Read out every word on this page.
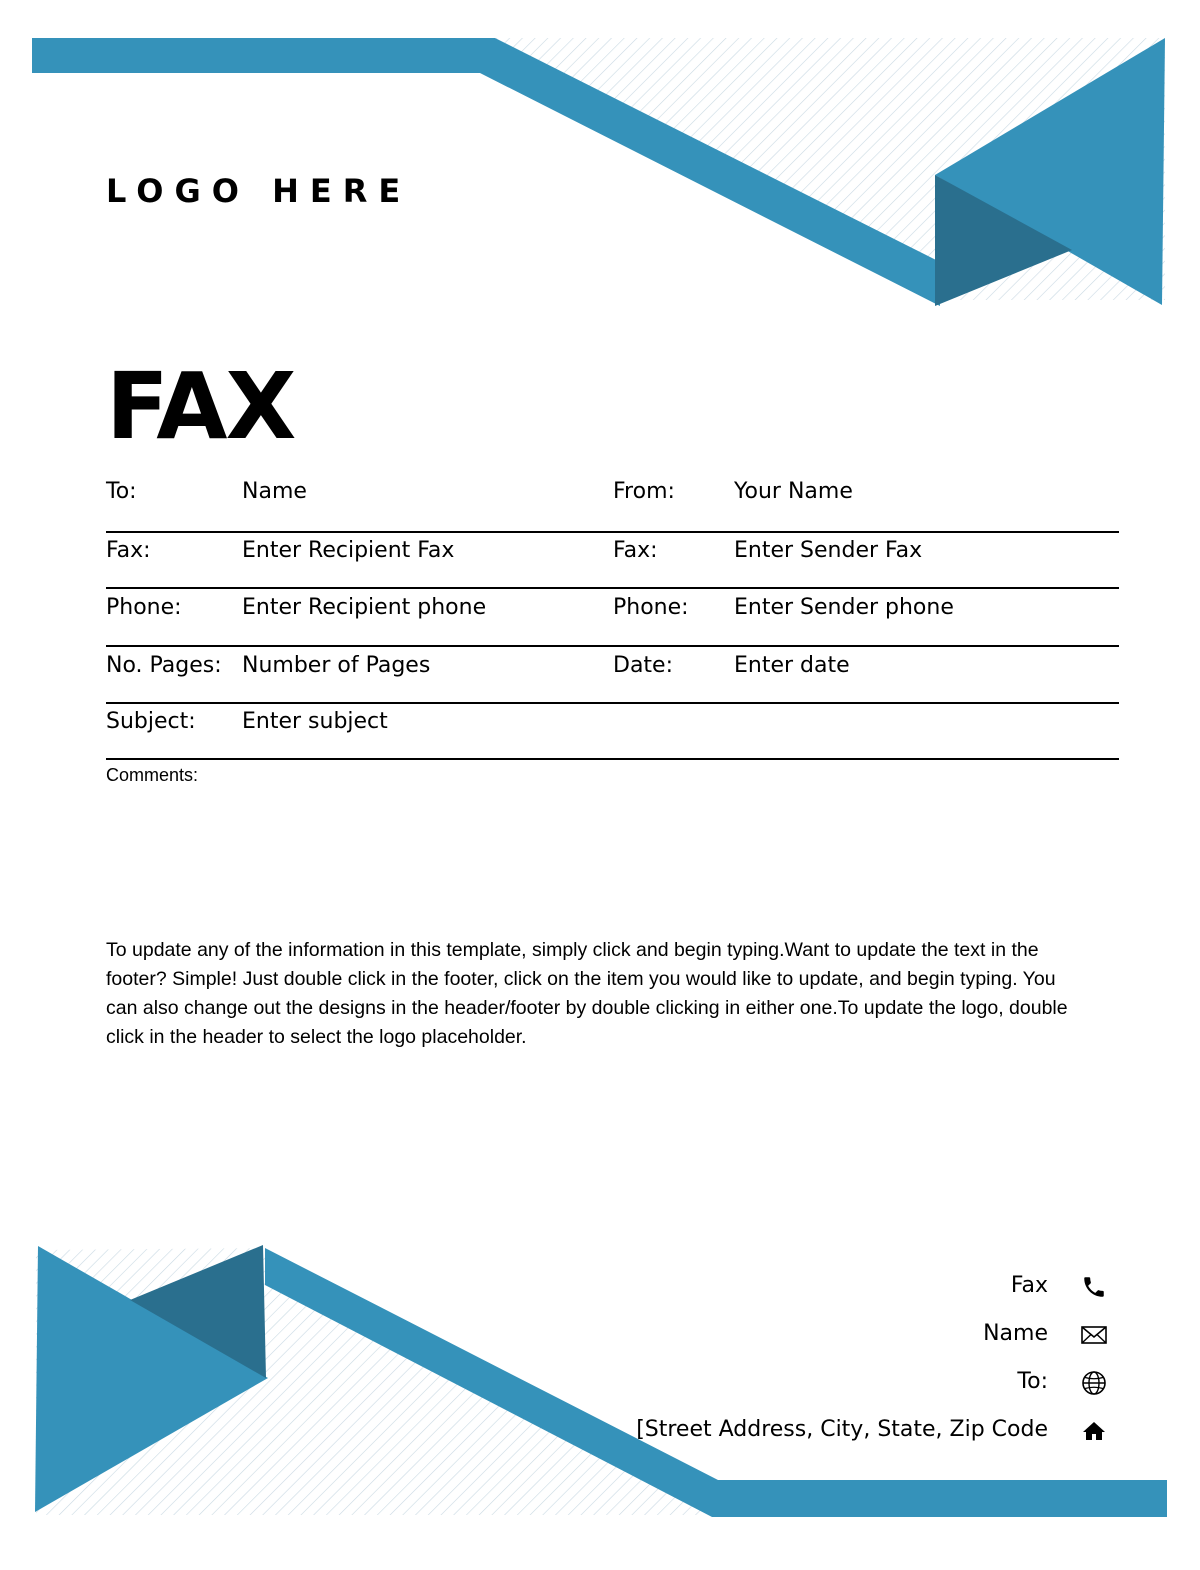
LOGO HERE
FAX
To:	Name	From:	Your Name
Fax:	Enter Recipient Fax	Fax:	Enter Sender Fax
Phone:	Enter Recipient phone	Phone: Enter Sender phone
No. Pages: Number of Pages	Date:	Enter date
Subject: Enter subject
Comments:
To update any of the information in this template, simply click and begin typing.Want to update the text in the footer? Simple! Just double click in the footer, click on the item you would like to update, and begin typing. You can also change out the designs in the header/footer by double clicking in either one.To update the logo, double click in the header to select the logo placeholder.
Fax
Name
To:
[Street Address, City, State, Zip Code
